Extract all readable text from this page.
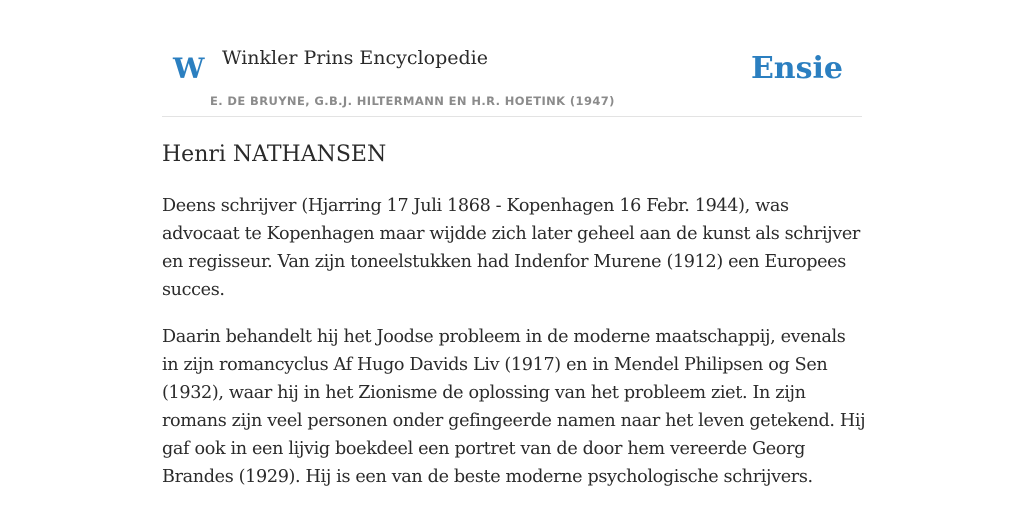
W Winkler Prins Encyclopedie
E. DE BRUYNE, G.B.J. HILTERMANN EN H.R. HOETINK (1947)
Ensie
Henri NATHANSEN

Deens schrijver (Hjarring 17 Juli 1868 - Kopenhagen 16 Febr. 1944), was advocaat te Kopenhagen maar wijdde zich later geheel aan de kunst als schrijver en regisseur. Van zijn toneelstukken had Indenfor Murene (1912) een Europees succes.

Daarin behandelt hij het Joodse probleem in de moderne maatschappij, evenals in zijn romancyclus Af Hugo Davids Liv (1917) en in Mendel Philipsen og Sen (1932), waar hij in het Zionisme de oplossing van het probleem ziet. In zijn romans zijn veel personen onder gefingeerde namen naar het leven getekend. Hij gaf ook in een lijvig boekdeel een portret van de door hem vereerde Georg Brandes (1929). Hij is een van de beste moderne psychologische schrijvers.
